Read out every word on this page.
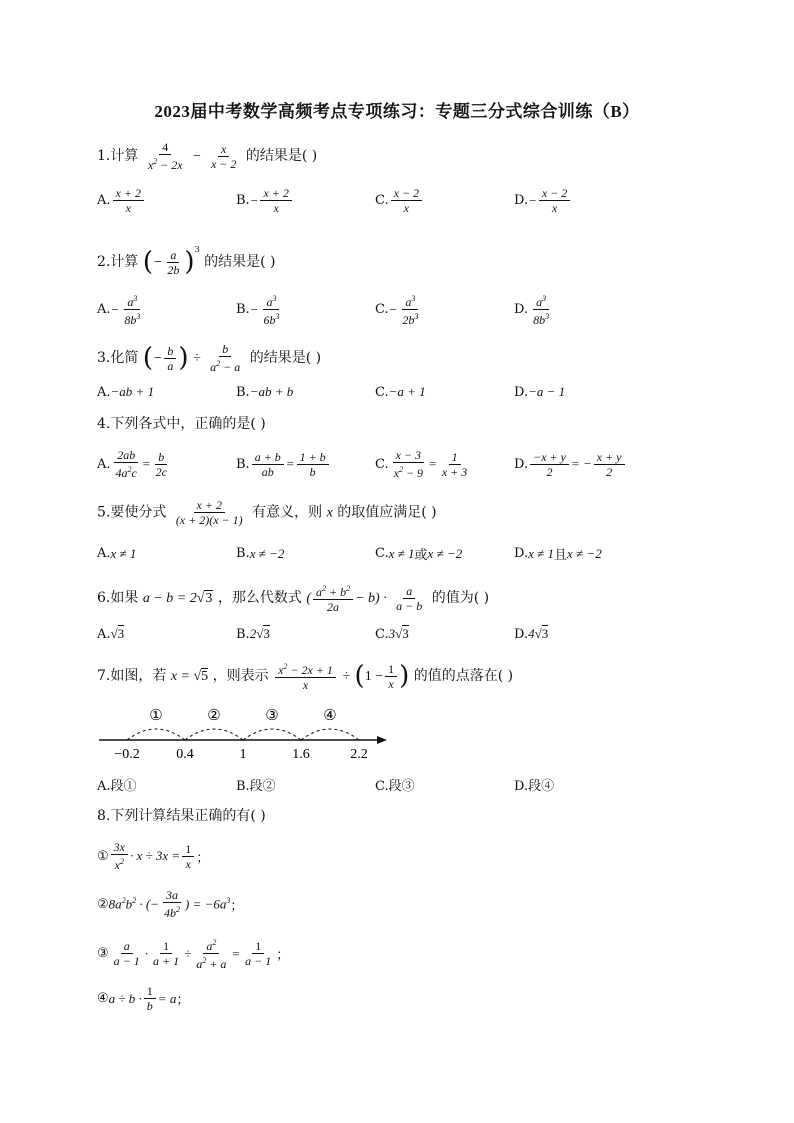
2023届中考数学高频考点专项练习：专题三分式综合训练（B）
1.计算 $\frac{4}{x^2 - 2x} - \frac{x}{x - 2}$ 的结果是( )
A. $\frac{x + 2}{x}$	B. − $\frac{x + 2}{x}$	C. $\frac{x - 2}{x}$	D. − $\frac{x - 2}{x}$
2.计算 (− $\frac{a}{2b} )^3$ 的结果是( )
A. − $\frac{a^3}{8b^3}$	B. − $\frac{a^3}{6b^3}$	C. − $\frac{a^3}{2b^3}$	D. $\frac{a^3}{8b^3}$
3.化简 (− $\frac{b}{a}$ ) ÷ $\frac{b}{a^2 - a}$ 的结果是( )
A. −ab + 1	B. −ab + b	C. −a + 1	D. −a − 1
4.下列各式中，正确的是( )
A. $\frac{2ab}{4a^2c} = \frac{b}{2c}$	B. $\frac{a + b}{ab} = \frac{1 + b}{b}$	C. $\frac{x - 3}{x^2 - 9} = \frac{1}{x + 3}$	D. $\frac{-x + y}{2}$ = − $\frac{x + y}{2}$
5.要使分式 $\frac{x + 2}{(x + 2)(x - 1)}$ 有意义，则 x 的取值应满足( )
A. x ≠ 1	B. x ≠ −2	C. x ≠ 1 或 x ≠ −2	D. x ≠ 1 且 x ≠ −2
6.如果 a − b = 2√3 ，那么代数式 ( $\frac{a^2 + b^2}{2a} - b) \cdot \frac{a}{a - b}$ 的值为( )
A. √3	B. 2√3	C. 3√3	D. 4√3
7.如图，若 x = √5 ，则表示 $\frac{x^2 - 2x + 1}{x} \div (1 - \frac{1}{x}$ ) 的值的点落在( )
①	②	③	④
−0.2	0.4	1	1.6	2.2
A.段①	B.段②	C.段③	D.段④
8.下列计算结果正确的有( )
① $\frac{3x}{x^2} \cdot x \div 3x = \frac{1}{x}$ ；
② $8a^2b^2$ · (− $\frac{3a}{4b^2}$ ) = $-6a^3$ ；
③ $\frac{a}{a - 1} \cdot \frac{1}{a + 1} \div \frac{a^2}{a^2 + a} = \frac{1}{a - 1}$ ；
④ $a \div b \cdot \frac{1}{b} = a$ ；
